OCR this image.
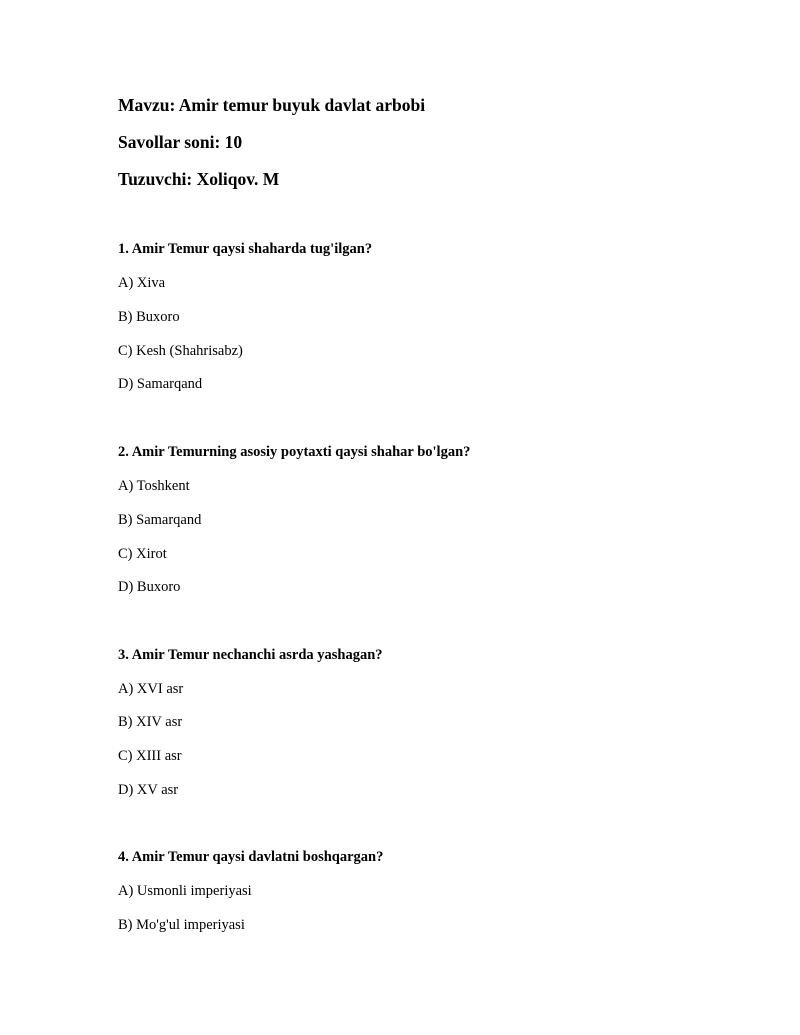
Mavzu: Amir temur buyuk davlat arbobi
Savollar soni: 10
Tuzuvchi: Xoliqov. M
1. Amir Temur qaysi shaharda tug'ilgan?
A) Xiva
B) Buxoro
C) Kesh (Shahrisabz)
D) Samarqand
2. Amir Temurning asosiy poytaxti qaysi shahar bo'lgan?
A) Toshkent
B) Samarqand
C) Xirot
D) Buxoro
3. Amir Temur nechanchi asrda yashagan?
A) XVI asr
B) XIV asr
C) XIII asr
D) XV asr
4. Amir Temur qaysi davlatni boshqargan?
A) Usmonli imperiyasi
B) Mo'g'ul imperiyasi
